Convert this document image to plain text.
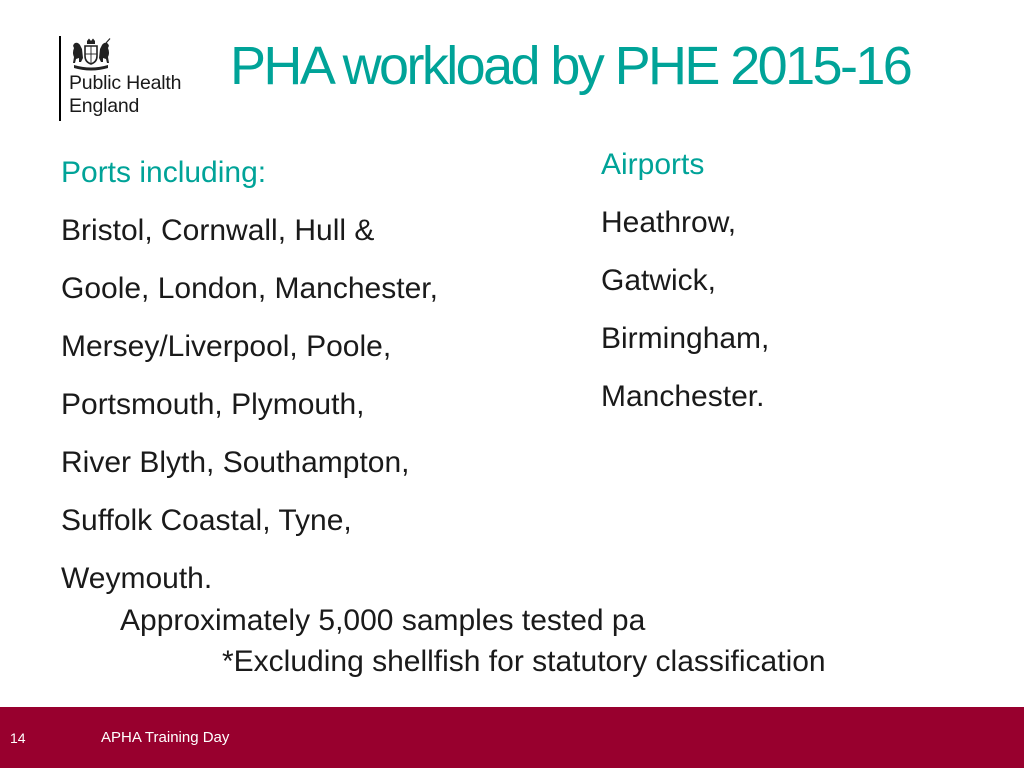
Public Health
England
PHA workload by PHE 2015-16
Ports including:
Bristol, Cornwall, Hull &
Goole, London, Manchester,
Mersey/Liverpool, Poole,
Portsmouth, Plymouth,
River Blyth, Southampton,
Suffolk Coastal, Tyne,
Weymouth.
Airports
Heathrow,
Gatwick,
Birmingham,
Manchester.
Approximately 5,000 samples tested pa
*Excluding shellfish for statutory classification
14	APHA Training Day
